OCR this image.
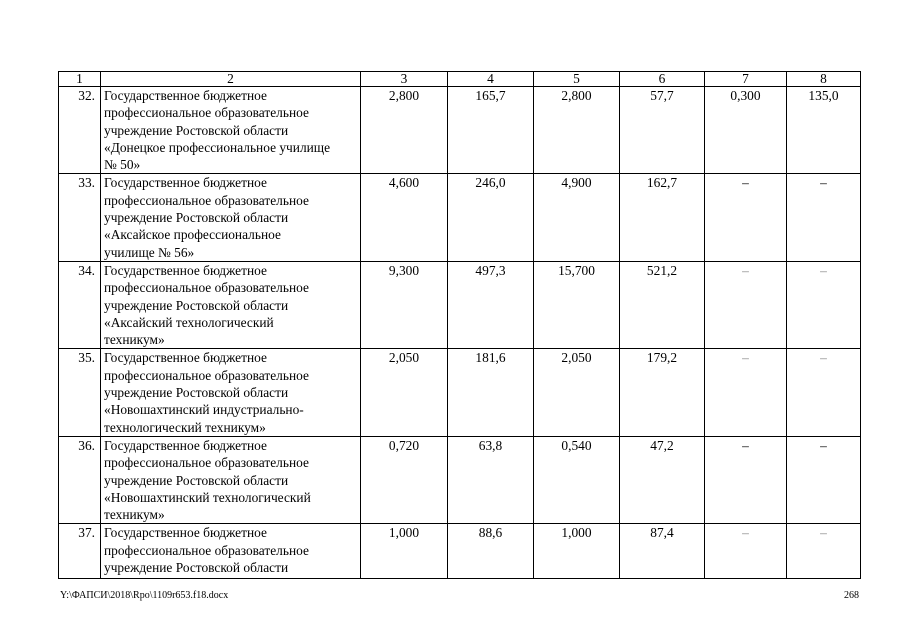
1	2	3	4	5	6	7	8
32.	Государственное бюджетное
профессиональное образовательное
учреждение Ростовской области
«Донецкое профессиональное училище
№ 50»	2,800	165,7	2,800	57,7	0,300	135,0
33.	Государственное бюджетное
профессиональное образовательное
учреждение Ростовской области
«Аксайское профессиональное
училище № 56»	4,600	246,0	4,900	162,7	–	–
34.	Государственное бюджетное
профессиональное образовательное
учреждение Ростовской области
«Аксайский технологический
техникум»	9,300	497,3	15,700	521,2	–	–
35.	Государственное бюджетное
профессиональное образовательное
учреждение Ростовской области
«Новошахтинский индустриально-
технологический техникум»	2,050	181,6	2,050	179,2	–	–
36.	Государственное бюджетное
профессиональное образовательное
учреждение Ростовской области
«Новошахтинский технологический
техникум»	0,720	63,8	0,540	47,2	–	–
37.	Государственное бюджетное
профессиональное образовательное
учреждение Ростовской области	1,000	88,6	1,000	87,4	–	–
Y:\ФАПСИ\2018\Rpo\1109r653.f18.docx	268
